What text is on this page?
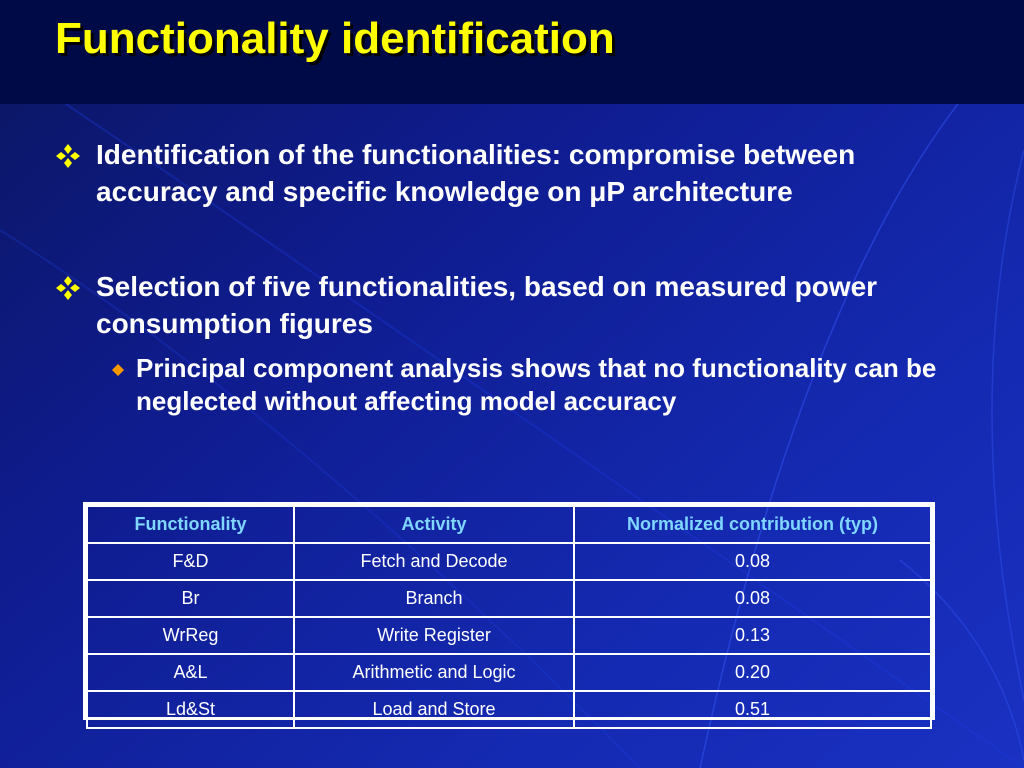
Functionality identification
Identification of the functionalities: compromise between accuracy and specific knowledge on μP architecture
Selection of five functionalities, based on measured power consumption figures
Principal component analysis shows that no functionality can be neglected without affecting model accuracy
Functionality	Activity	Normalized contribution (typ)
F&D	Fetch and Decode	0.08
Br	Branch	0.08
WrReg	Write Register	0.13
A&L	Arithmetic and Logic	0.20
Ld&St	Load and Store	0.51
